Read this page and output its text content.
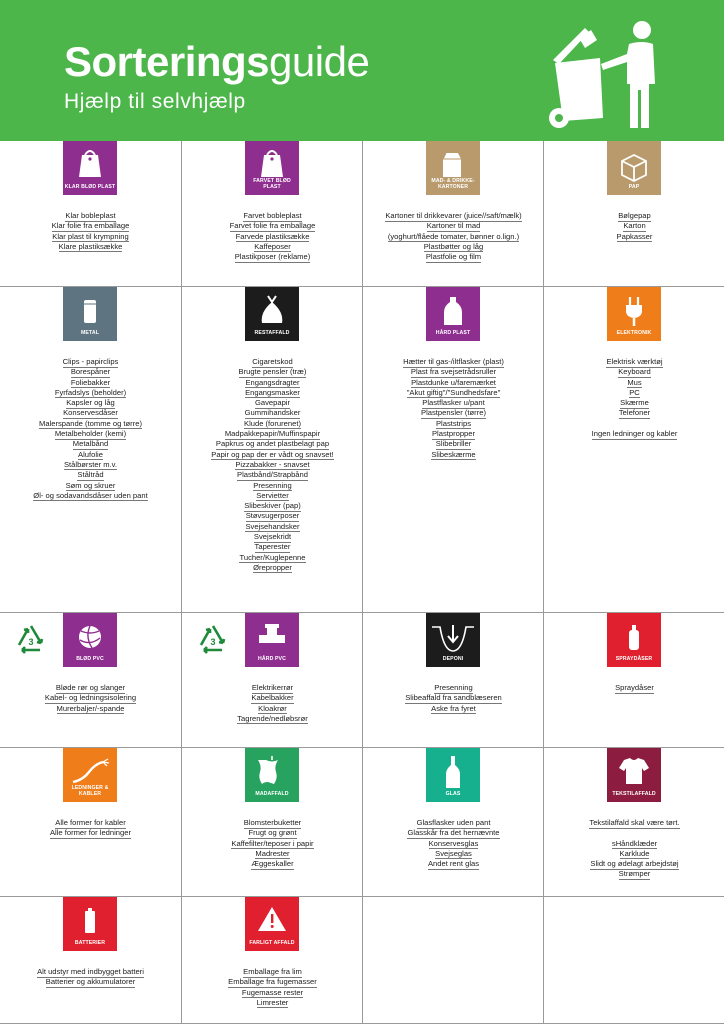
Sorteringsguide
Hjælp til selvhjælp
KLAR BLØD PLAST
Klar bobleplast
Klar folie fra emballage
Klar plast til krympning
Klare plastiksække
FARVET BLØD PLAST
Farvet bobleplast
Farvet folie fra emballage
Farvede plastiksække
Kaffeposer
Plastikposer (reklame)
MAD- & DRIKKE-KARTONER
Kartoner til drikkevarer (juice//saft/mælk)
Kartoner til mad
(yoghurt/flåede tomater, bønner o.lign.)
Plastbøtter og låg
Plastfolie og film
PAP
Bølgepap
Karton
Papkasser
METAL
Clips - papirclips
Borespåner
Foliebakker
Fyrfadslys (beholder)
Kapsler og låg
Konservesdåser
Malerspande (tomme og tørre)
Metalbeholder (kemi)
Metalbånd
Alufolie
Stålbørster m.v.
Ståltråd
Søm og skruer
Øl- og sodavandsdåser uden pant
RESTAFFALD
Cigaretskod
Brugte pensler (træ)
Engangsdragter
Engangsmasker
Gavepapir
Gummihandsker
Klude (forurenet)
Madpakkepapir/Muffinspapir
Papkrus og andet plastbelagt pap
Papir og pap der er vådt og snavset!
Pizzabakker - snavset
Plastbånd/Strapbånd
Presenning
Servietter
Slibeskiver (pap)
Støvsugerposer
Svejsehandsker
Svejsekridt
Taperester
Tucher/Kuglepenne
Ørepropper
HÅRD PLAST
Hætter til gas-/iltflasker (plast)
Plast fra svejsetrådsruller
Plastdunke u/faremærket
"Akut giftig"/"Sundhedsfare"
Plastflasker u/pant
Plastpensler (tørre)
Plaststrips
Plastpropper
Slibebriller
Slibeskærme
ELEKTRONIK
Elektrisk værktøj
Keyboard
Mus
PC
Skærme
Telefoner
Ingen ledninger og kabler
BLØD PVC
3
Bløde rør og slanger
Kabel- og ledningsisolering
Murerbaljer/-spande
HÅRD PVC
3
Elektrikerrør
Kabelbakker
Kloakrør
Tagrende/nedløbsrør
DEPONI
Presenning
Slibeaffald fra sandblæseren
Aske fra fyret
SPRAYDÅSER
Spraydåser
LEDNINGER & KABLER
Alle former for kabler
Alle former for ledninger
MADAFFALD
Blomsterbuketter
Frugt og grønt
Kaffefilter/teposer i papir
Madrester
Æggeskaller
GLAS
Glasflasker uden pant
Glasskår fra det hernævnte
Konservesglas
Svejseglas
Andet rent glas
TEKSTILAFFALD
Tekstilaffald skal være tørt.
sHåndklæder
Karklude
Slidt og ødelagt arbejdstøj
Strømper
BATTERIER
Alt udstyr med indbygget batteri
Batterier og akkumulatorer
FARLIGT AFFALD
Emballage fra lim
Emballage fra fugemasser
Fugemasse rester
Limrester
